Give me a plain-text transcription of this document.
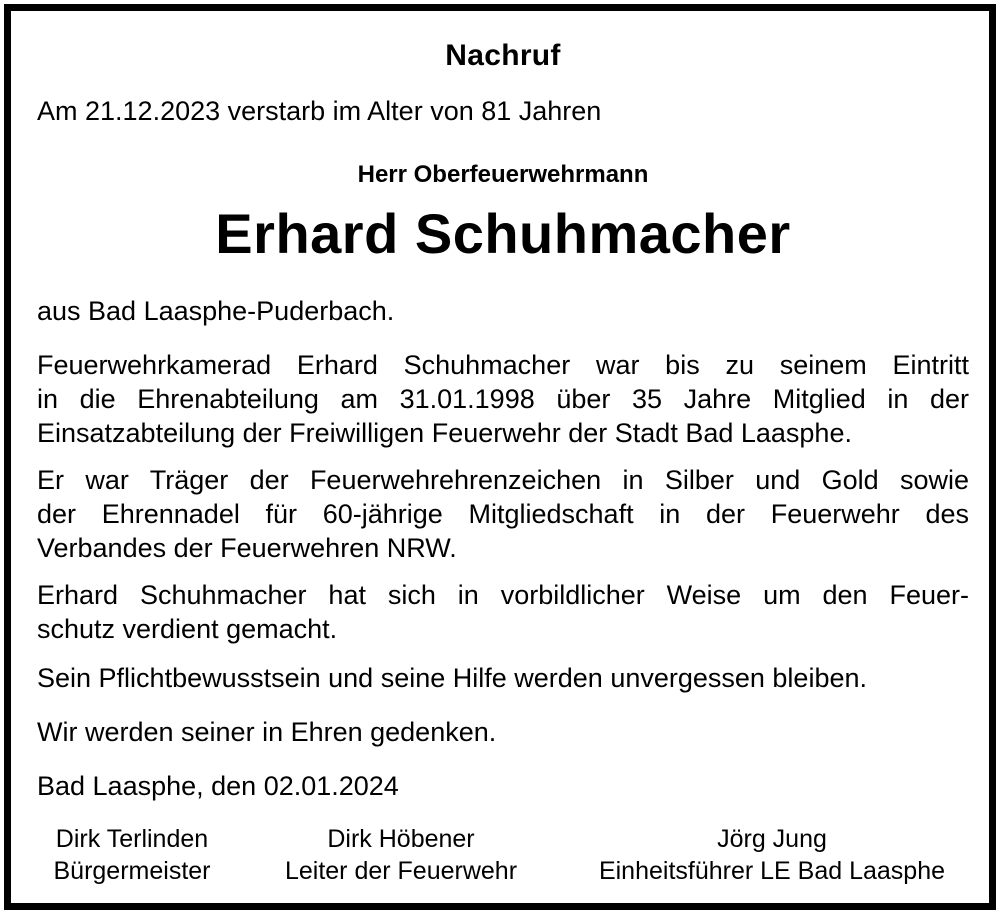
Nachruf
Am 21.12.2023 verstarb im Alter von 81 Jahren
Herr Oberfeuerwehrmann
Erhard Schuhmacher
aus Bad Laasphe-Puderbach.
Feuerwehrkamerad Erhard Schuhmacher war bis zu seinem Eintritt
in die Ehrenabteilung am 31.01.1998 über 35 Jahre Mitglied in der
Einsatzabteilung der Freiwilligen Feuerwehr der Stadt Bad Laasphe.
Er war Träger der Feuerwehrehrenzeichen in Silber und Gold sowie
der Ehrennadel für 60-jährige Mitgliedschaft in der Feuerwehr des
Verbandes der Feuerwehren NRW.
Erhard Schuhmacher hat sich in vorbildlicher Weise um den Feuer-
schutz verdient gemacht.
Sein Pflichtbewusstsein und seine Hilfe werden unvergessen bleiben.
Wir werden seiner in Ehren gedenken.
Bad Laasphe, den 02.01.2024
Dirk Terlinden
Bürgermeister
Dirk Höbener
Leiter der Feuerwehr
Jörg Jung
Einheitsführer LE Bad Laasphe
